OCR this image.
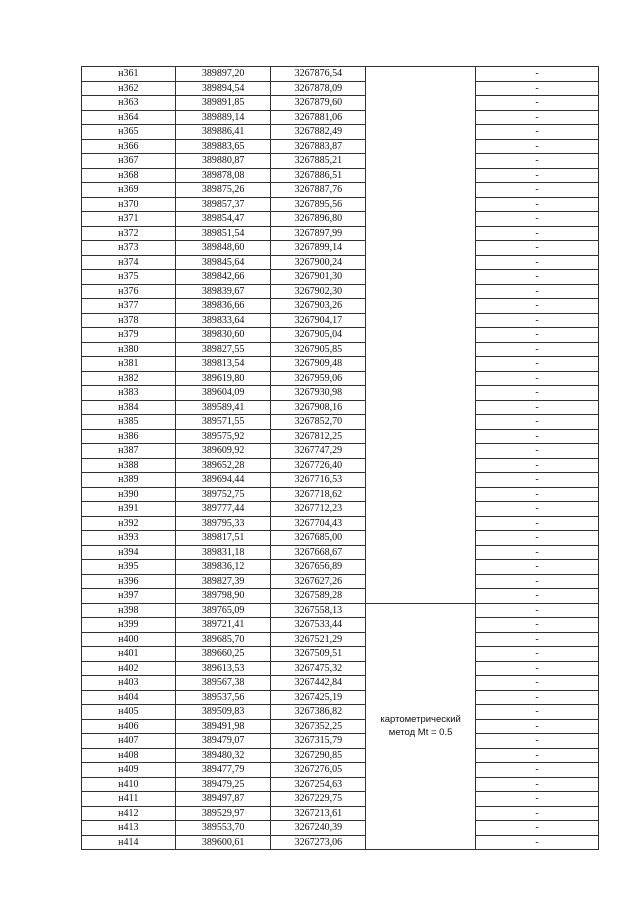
н361	389897,20	3267876,54		-
н362	389894,54	3267878,09		-
н363	389891,85	3267879,60		-
н364	389889,14	3267881,06		-
н365	389886,41	3267882,49		-
н366	389883,65	3267883,87		-
н367	389880,87	3267885,21		-
н368	389878,08	3267886,51		-
н369	389875,26	3267887,76		-
н370	389857,37	3267895,56		-
н371	389854,47	3267896,80		-
н372	389851,54	3267897,99		-
н373	389848,60	3267899,14		-
н374	389845,64	3267900,24		-
н375	389842,66	3267901,30		-
н376	389839,67	3267902,30		-
н377	389836,66	3267903,26		-
н378	389833,64	3267904,17		-
н379	389830,60	3267905,04		-
н380	389827,55	3267905,85		-
н381	389813,54	3267909,48		-
н382	389619,80	3267959,06		-
н383	389604,09	3267930,98		-
н384	389589,41	3267908,16		-
н385	389571,55	3267852,70		-
н386	389575,92	3267812,25		-
н387	389609,92	3267747,29		-
н388	389652,28	3267726,40		-
н389	389694,44	3267716,53		-
н390	389752,75	3267718,62		-
н391	389777,44	3267712,23		-
н392	389795,33	3267704,43		-
н393	389817,51	3267685,00		-
н394	389831,18	3267668,67		-
н395	389836,12	3267656,89		-
н396	389827,39	3267627,26		-
н397	389798,90	3267589,28		-
н398	389765,09	3267558,13	картометрический метод Mt = 0.5	-
н399	389721,41	3267533,44		-
н400	389685,70	3267521,29		-
н401	389660,25	3267509,51		-
н402	389613,53	3267475,32		-
н403	389567,38	3267442,84		-
н404	389537,56	3267425,19		-
н405	389509,83	3267386,82		-
н406	389491,98	3267352,25		-
н407	389479,07	3267315,79		-
н408	389480,32	3267290,85		-
н409	389477,79	3267276,05		-
н410	389479,25	3267254,63		-
н411	389497,87	3267229,75		-
н412	389529,97	3267213,61		-
н413	389553,70	3267240,39		-
н414	389600,61	3267273,06		-
